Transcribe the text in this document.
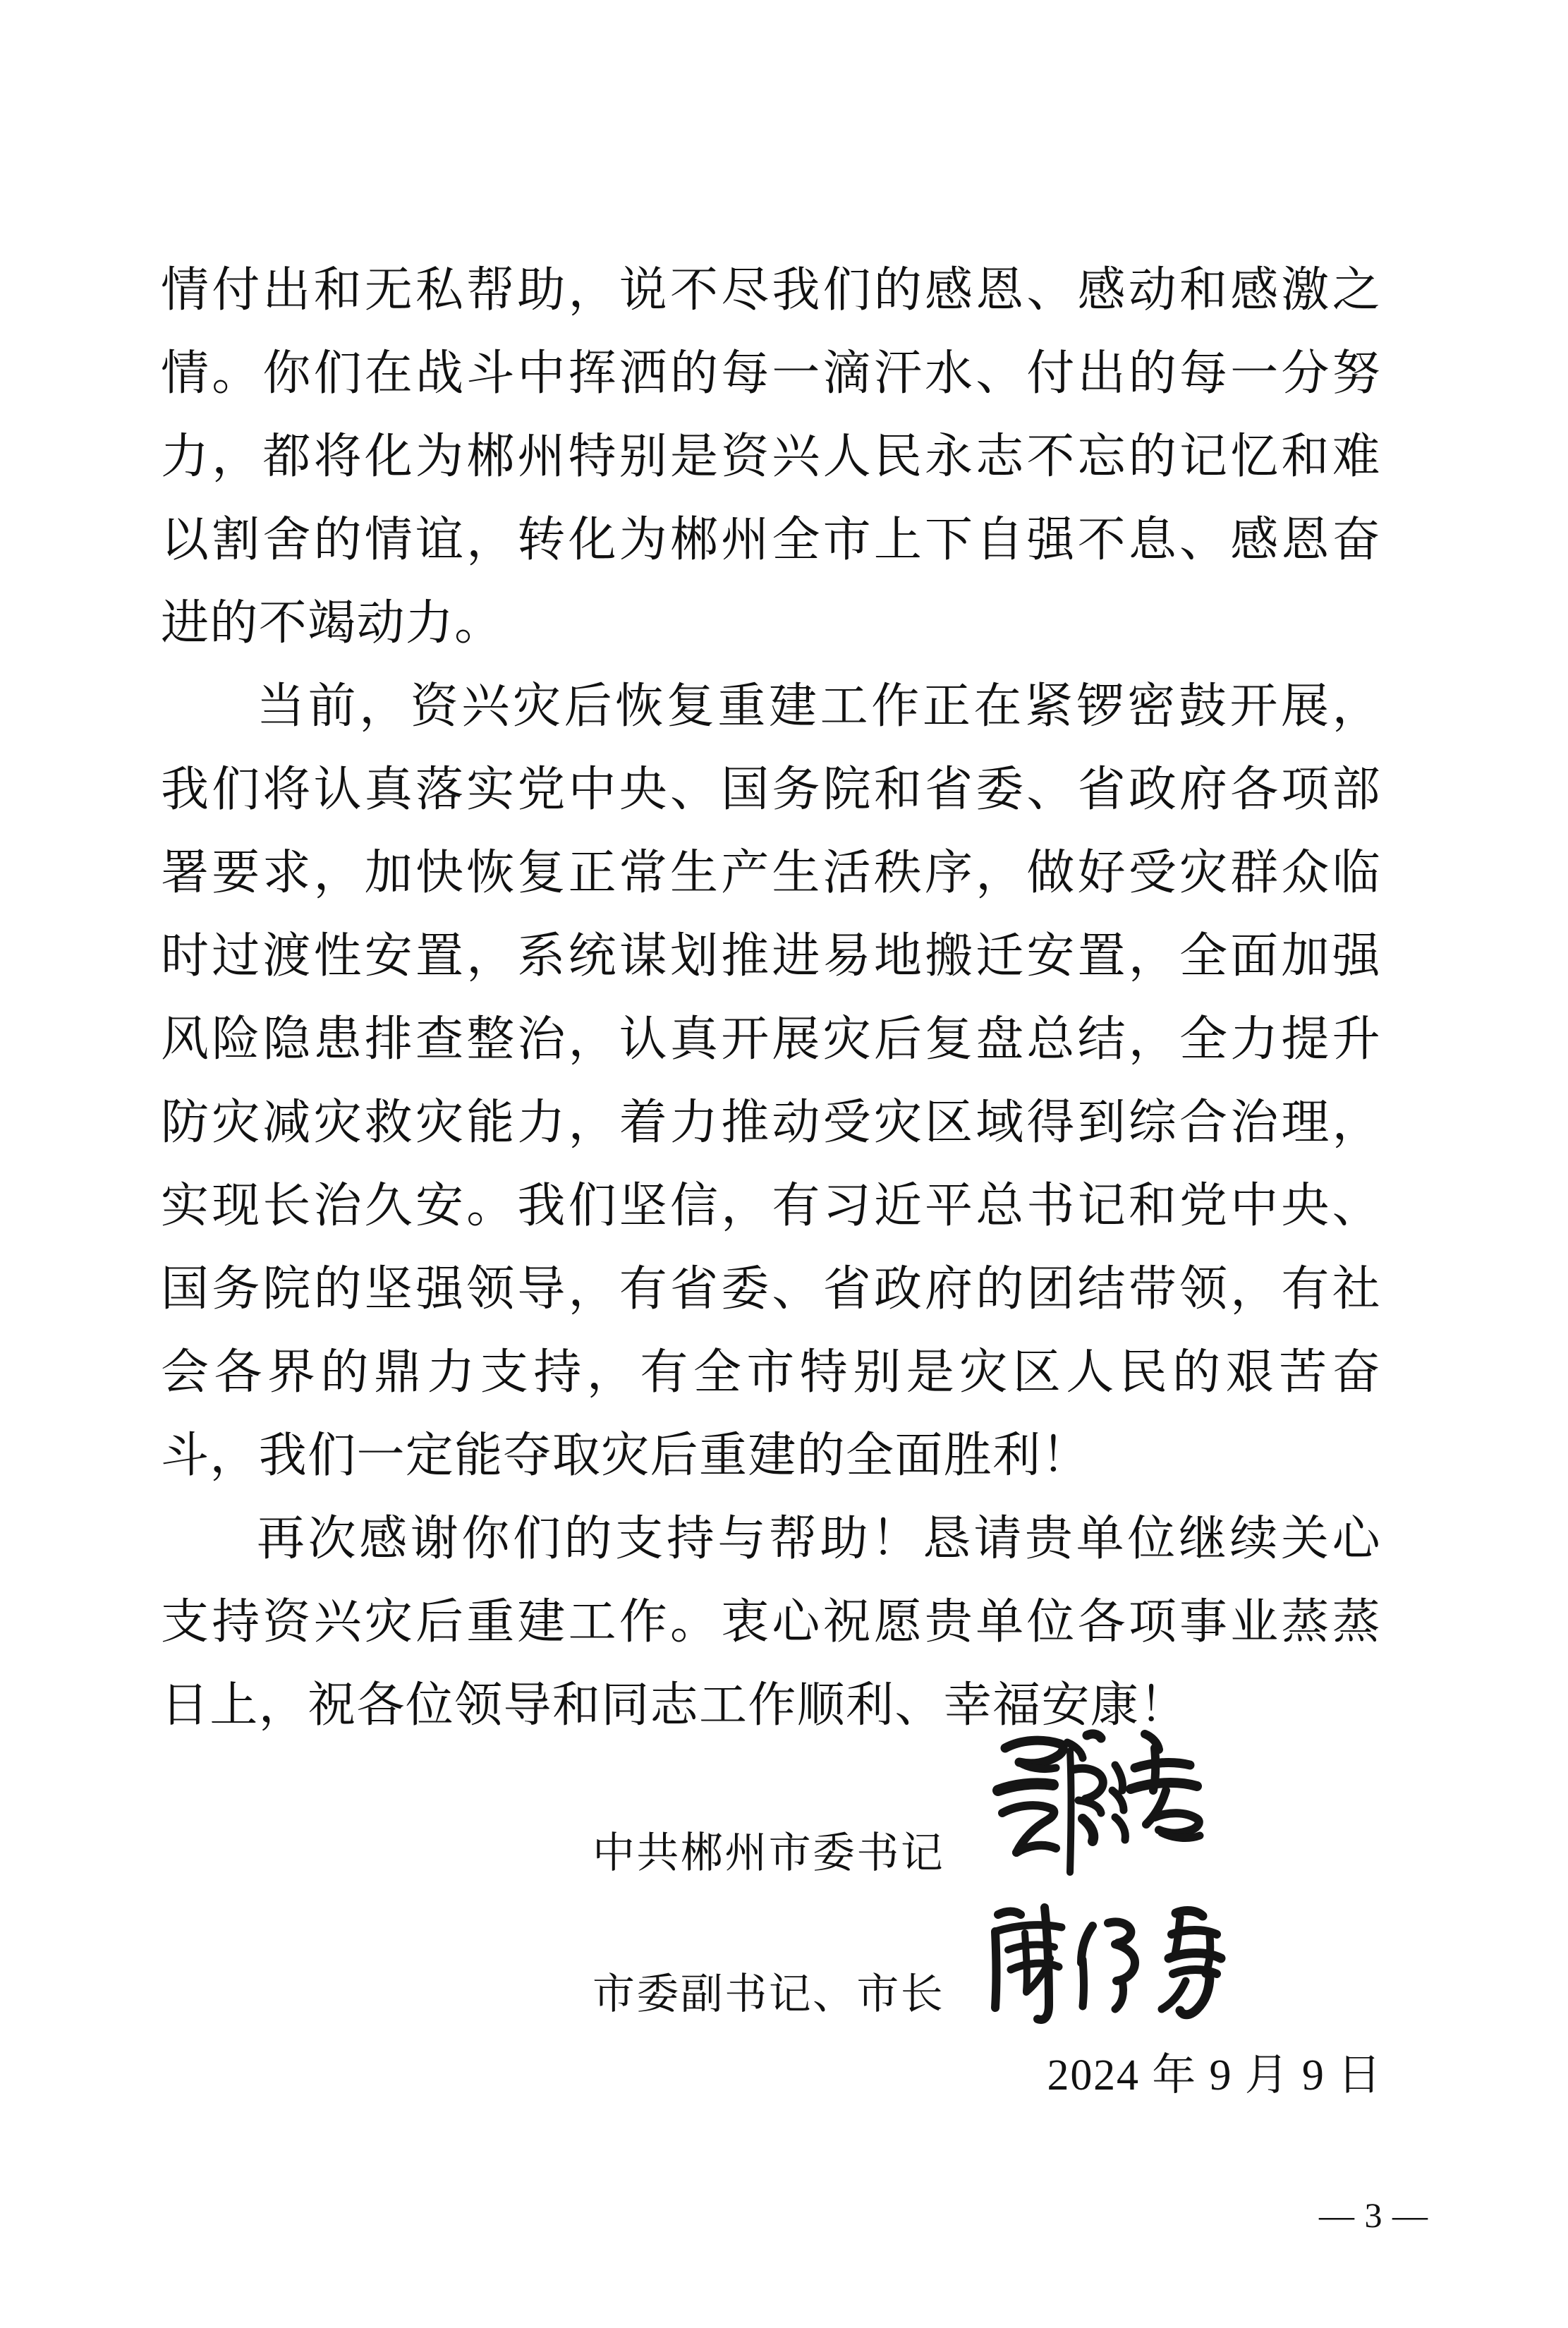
情付出和无私帮助，说不尽我们的感恩、感动和感激之情。你们在战斗中挥洒的每一滴汗水、付出的每一分努力，都将化为郴州特别是资兴人民永志不忘的记忆和难以割舍的情谊，转化为郴州全市上下自强不息、感恩奋进的不竭动力。

当前，资兴灾后恢复重建工作正在紧锣密鼓开展，我们将认真落实党中央、国务院和省委、省政府各项部署要求，加快恢复正常生产生活秩序，做好受灾群众临时过渡性安置，系统谋划推进易地搬迁安置，全面加强风险隐患排查整治，认真开展灾后复盘总结，全力提升防灾减灾救灾能力，着力推动受灾区域得到综合治理，实现长治久安。我们坚信，有习近平总书记和党中央、国务院的坚强领导，有省委、省政府的团结带领，有社会各界的鼎力支持，有全市特别是灾区人民的艰苦奋斗，我们一定能夺取灾后重建的全面胜利！

再次感谢你们的支持与帮助！恳请贵单位继续关心支持资兴灾后重建工作。衷心祝愿贵单位各项事业蒸蒸日上，祝各位领导和同志工作顺利、幸福安康！

中共郴州市委书记
市委副书记、市长
2024 年 9 月 9 日
— 3 —
